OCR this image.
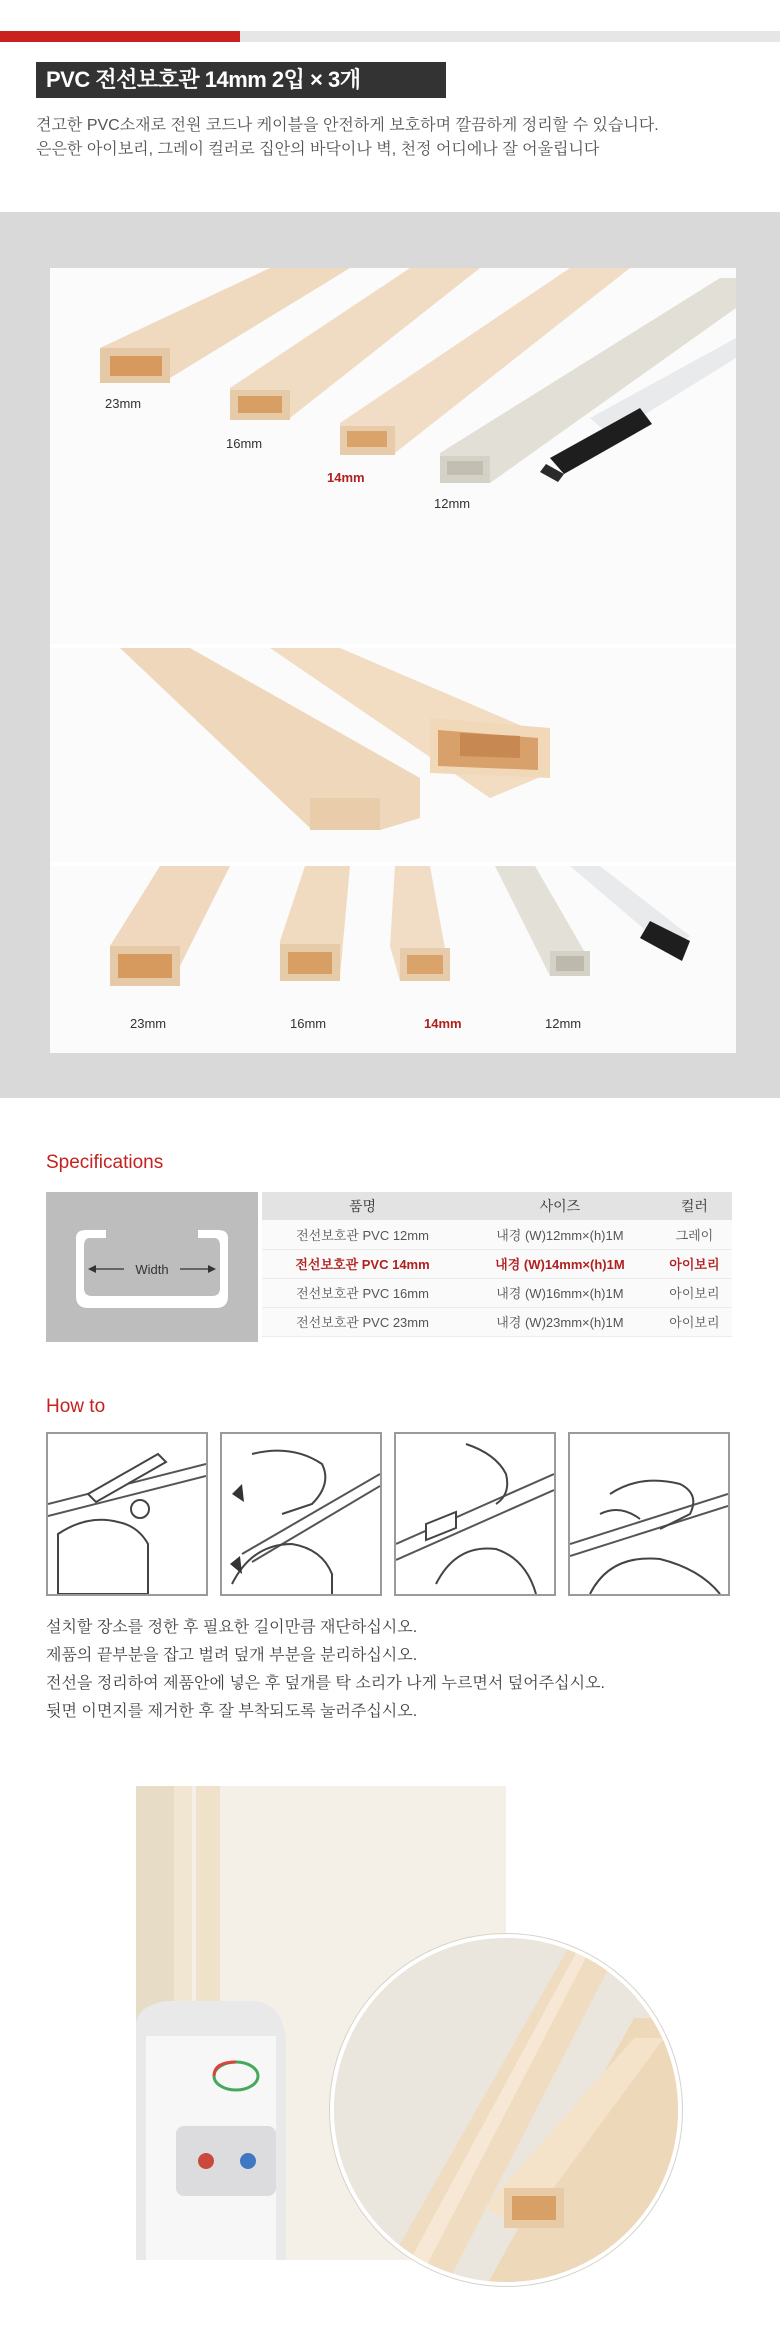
PVC 전선보호관 14mm 2입 × 3개
견고한 PVC소재로 전원 코드나 케이블을 안전하게 보호하며 깔끔하게 정리할 수 있습니다.
은은한 아이보리, 그레이 컬러로 집안의 바닥이나 벽, 천정 어디에나 잘 어울립니다
23mm
16mm
14mm
12mm
23mm	16mm	14mm	12mm
Specifications
Width
품명	사이즈	컬러
전선보호관 PVC 12mm	내경 (W)12mm×(h)1M	그레이
전선보호관 PVC 14mm	내경 (W)14mm×(h)1M	아이보리
전선보호관 PVC 16mm	내경 (W)16mm×(h)1M	아이보리
전선보호관 PVC 23mm	내경 (W)23mm×(h)1M	아이보리
How to
설치할 장소를 정한 후 필요한 길이만큼 재단하십시오.
제품의 끝부분을 잡고 벌려 덮개 부분을 분리하십시오.
전선을 정리하여 제품안에 넣은 후 덮개를 탁 소리가 나게 누르면서 덮어주십시오.
뒷면 이면지를 제거한 후 잘 부착되도록 눌러주십시오.
